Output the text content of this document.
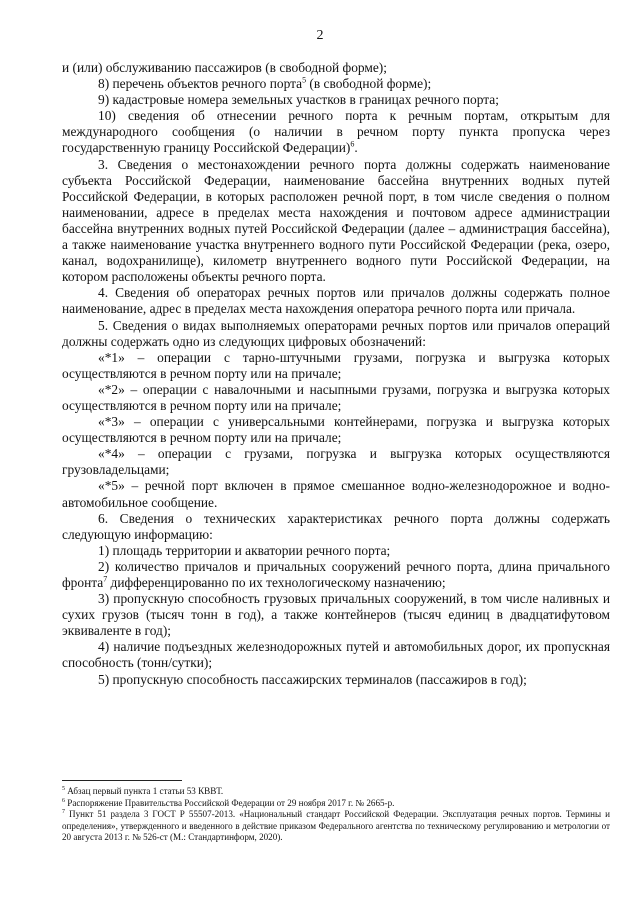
2

и (или) обслуживанию пассажиров (в свободной форме);

8) перечень объектов речного порта$^5$ (в свободной форме);

9) кадастровые номера земельных участков в границах речного порта;

10) сведения об отнесении речного порта к речным портам, открытым для международного сообщения (о наличии в речном порту пункта пропуска через государственную границу Российской Федерации)$^6$.

3. Сведения о местонахождении речного порта должны содержать наименование субъекта Российской Федерации, наименование бассейна внутренних водных путей Российской Федерации, в которых расположен речной порт, в том числе сведения о полном наименовании, адресе в пределах места нахождения и почтовом адресе администрации бассейна внутренних водных путей Российской Федерации (далее – администрация бассейна), а также наименование участка внутреннего водного пути Российской Федерации (река, озеро, канал, водохранилище), километр внутреннего водного пути Российской Федерации, на котором расположены объекты речного порта.

4. Сведения об операторах речных портов или причалов должны содержать полное наименование, адрес в пределах места нахождения оператора речного порта или причала.

5. Сведения о видах выполняемых операторами речных портов или причалов операций должны содержать одно из следующих цифровых обозначений:

«*1» – операции с тарно-штучными грузами, погрузка и выгрузка которых осуществляются в речном порту или на причале;

«*2» – операции с навалочными и насыпными грузами, погрузка и выгрузка которых осуществляются в речном порту или на причале;

«*3» – операции с универсальными контейнерами, погрузка и выгрузка которых осуществляются в речном порту или на причале;

«*4» – операции с грузами, погрузка и выгрузка которых осуществляются грузовладельцами;

«*5» – речной порт включен в прямое смешанное водно-железнодорожное и водно-автомобильное сообщение.

6. Сведения о технических характеристиках речного порта должны содержать следующую информацию:

1) площадь территории и акватории речного порта;

2) количество причалов и причальных сооружений речного порта, длина причального фронта$^7$ дифференцированно по их технологическому назначению;

3) пропускную способность грузовых причальных сооружений, в том числе наливных и сухих грузов (тысяч тонн в год), а также контейнеров (тысяч единиц в двадцатифутовом эквиваленте в год);

4) наличие подъездных железнодорожных путей и автомобильных дорог, их пропускная способность (тонн/сутки);

5) пропускную способность пассажирских терминалов (пассажиров в год);

$^5$ Абзац первый пункта 1 статьи 53 КВВТ.

$^6$ Распоряжение Правительства Российской Федерации от 29 ноября 2017 г. № 2665-р.

$^7$ Пункт 51 раздела 3 ГОСТ Р 55507-2013. «Национальный стандарт Российской Федерации. Эксплуатация речных портов. Термины и определения», утвержденного и введенного в действие приказом Федерального агентства по техническому регулированию и метрологии от 20 августа 2013 г. № 526-ст (М.: Стандартинформ, 2020).
